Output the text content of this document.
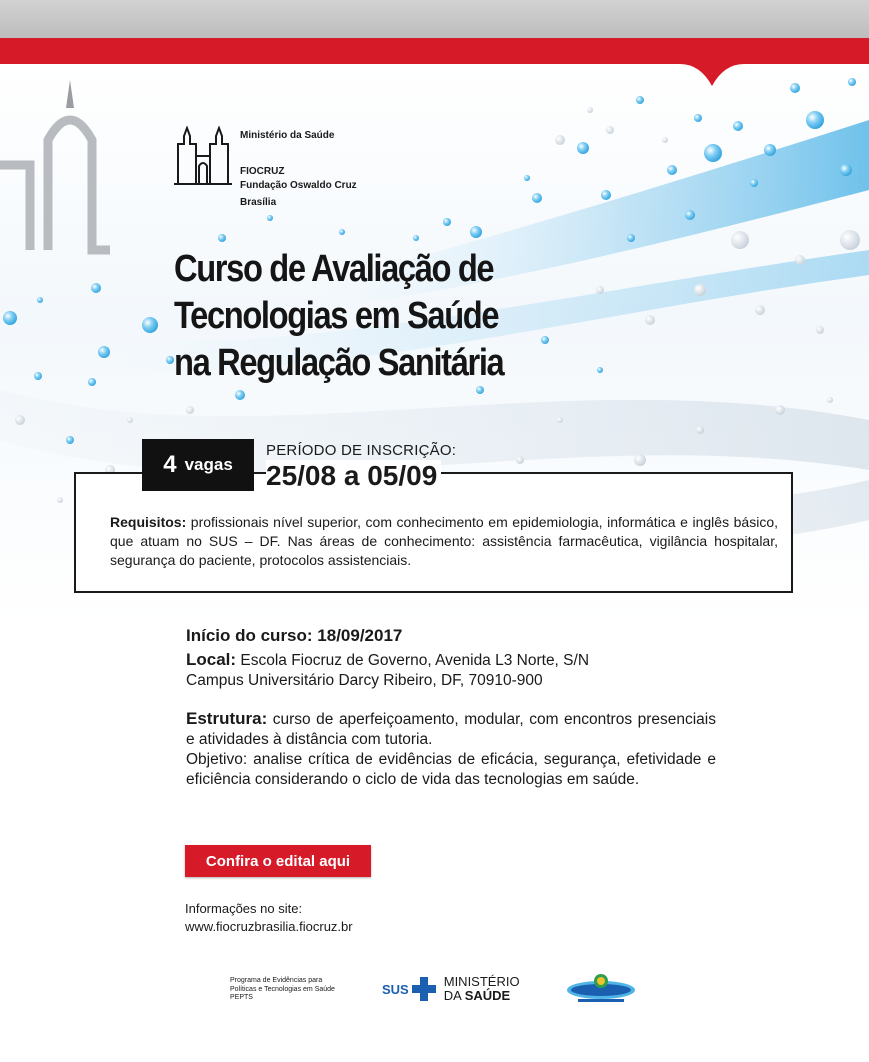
Ministério da Saúde
FIOCRUZ
Fundação Oswaldo Cruz
Brasília
Curso de Avaliação de
Tecnologias em Saúde
na Regulação Sanitária
4 vagas
PERÍODO DE INSCRIÇÃO:
25/08 a 05/09
Requisitos: profissionais nível superior, com conhecimento em epidemiologia, informática e inglês básico, que atuam no SUS – DF. Nas áreas de conhecimento: assistência farmacêutica, vigilância hospitalar, segurança do paciente, protocolos assistenciais.

Início do curso: 18/09/2017

Local: Escola Fiocruz de Governo, Avenida L3 Norte, S/N

Campus Universitário Darcy Ribeiro, DF, 70910-900

Estrutura: curso de aperfeiçoamento, modular, com encontros presenciais e atividades à distância com tutoria.

Objetivo: analise crítica de evidências de eficácia, segurança, efetividade e eficiência considerando o ciclo de vida das tecnologias em saúde.

Confira o edital aqui
Informações no site:
www.fiocruzbrasilia.fiocruz.br
Programa de Evidências para
Políticas e Tecnologias em Saúde
PEPTS
SUS	MINISTÉRIO
DA SAÚDE
